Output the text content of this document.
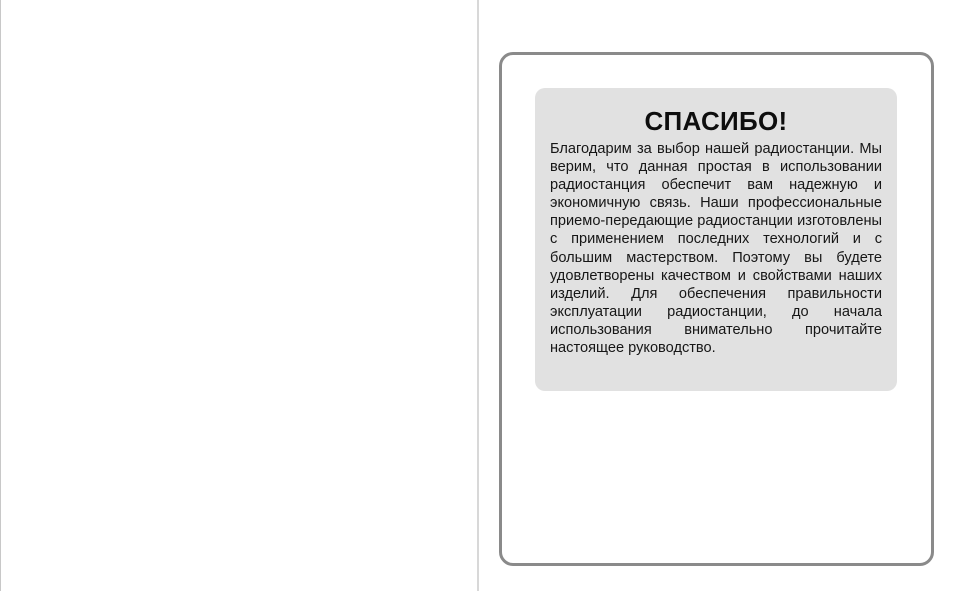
СПАСИБО!

Благодарим за выбор нашей радиостанции. Мы верим, что данная простая в использовании радиостанция обеспечит вам надежную и экономичную связь. Наши профессиональные приемо-передающие радиостанции изготовлены с применением последних технологий и с большим мастерством. Поэтому вы будете удовлетворены качеством и свойствами наших изделий. Для обеспечения правильности эксплуатации радиостанции, до начала использования внимательно прочитайте настоящее руководство.
